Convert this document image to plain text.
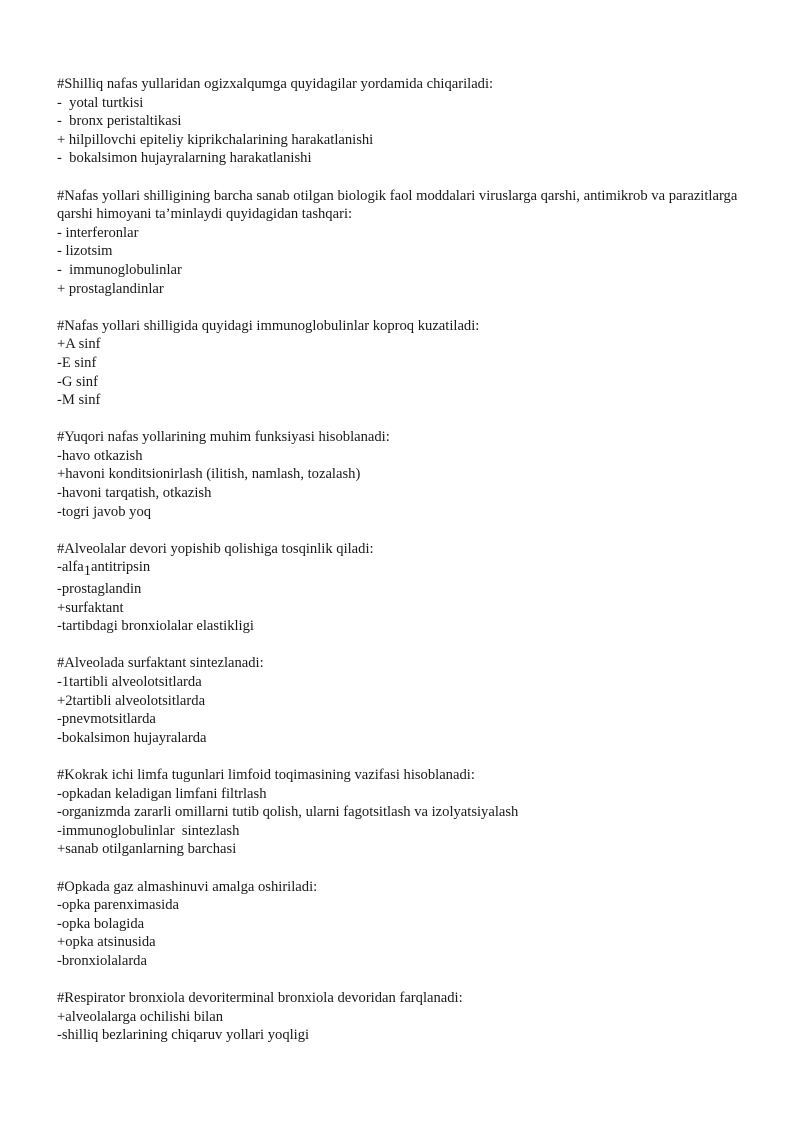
#Shilliq nafas yullaridan ogizxalqumga quyidagilar yordamida chiqariladi:
-  yotal turtkisi
-  bronx peristaltikasi
+ hilpillovchi epiteliy kiprikchalarining harakatlanishi
-  bokalsimon hujayralarning harakatlanishi
#Nafas yollari shilligining barcha sanab otilgan biologik faol moddalari viruslarga qarshi, antimikrob va parazitlarga qarshi himoyani ta’minlaydi quyidagidan tashqari:
- interferonlar
- lizotsim
-  immunoglobulinlar
+ prostaglandinlar
#Nafas yollari shilligida quyidagi immunoglobulinlar koproq kuzatiladi:
+A sinf
-E sinf
-G sinf
-M sinf
#Yuqori nafas yollarining muhim funksiyasi hisoblanadi:
-havo otkazish
+havoni konditsionirlash (ilitish, namlash, tozalash)
-havoni tarqatish, otkazish
-togri javob yoq
#Alveolalar devori yopishib qolishiga tosqinlik qiladi:
-alfa1antitripsin
-prostaglandin
+surfaktant
-tartibdagi bronxiolalar elastikligi
#Alveolada surfaktant sintezlanadi:
-1tartibli alveolotsitlarda
+2tartibli alveolotsitlarda
-pnevmotsitlarda
-bokalsimon hujayralarda
#Kokrak ichi limfa tugunlari limfoid toqimasining vazifasi hisoblanadi:
-opkadan keladigan limfani filtrlash
-organizmda zararli omillarni tutib qolish, ularni fagotsitlash va izolyatsiyalash
-immunoglobulinlar  sintezlash
+sanab otilganlarning barchasi
#Opkada gaz almashinuvi amalga oshiriladi:
-opka parenximasida
-opka bolagida
+opka atsinusida
-bronxiolalarda
#Respirator bronxiola devoriterminal bronxiola devoridan farqlanadi:
+alveolalarga ochilishi bilan
-shilliq bezlarining chiqaruv yollari yoqligi
